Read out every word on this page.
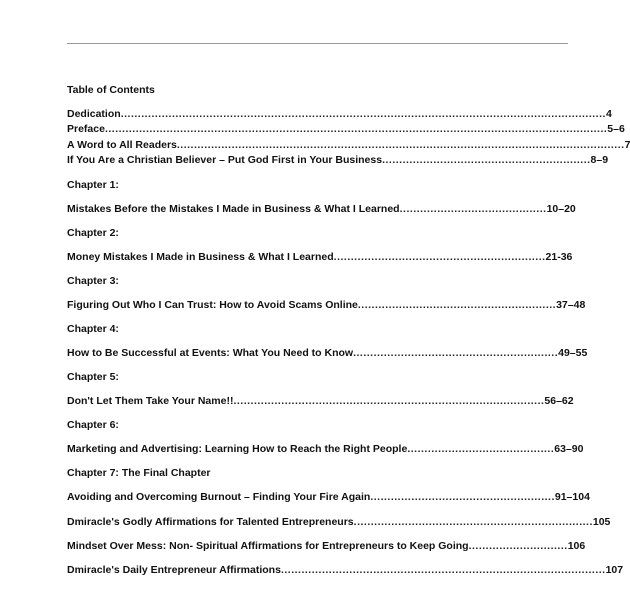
Table of Contents
Dedication..............................................................................................................................................4
Preface...................................................................................................................................................5–6
A Word to All Readers...................................................................................................................................7
If You Are a Christian Believer – Put God First in Your Business.............................................................8–9
Chapter 1:
Mistakes Before the Mistakes I Made in Business & What I Learned...........................................10–20
Chapter 2:
Money Mistakes I Made in Business & What I Learned..............................................................21-36
Chapter 3:
Figuring Out Who I Can Trust: How to Avoid Scams Online..........................................................37–48
Chapter 4:
How to Be Successful at Events: What You Need to Know............................................................49–55
Chapter 5:
Don't Let Them Take Your Name!!...........................................................................................56–62
Chapter 6:
Marketing and Advertising: Learning How to Reach the Right People...........................................63–90
Chapter 7: The Final Chapter
Avoiding and Overcoming Burnout – Finding Your Fire Again......................................................91–104
Dmiracle's Godly Affirmations for Talented Entrepreneurs......................................................................105
Mindset Over Mess: Non- Spiritual Affirmations for Entrepreneurs to Keep Going.............................106
Dmiracle's Daily Entrepreneur Affirmations...............................................................................................107
